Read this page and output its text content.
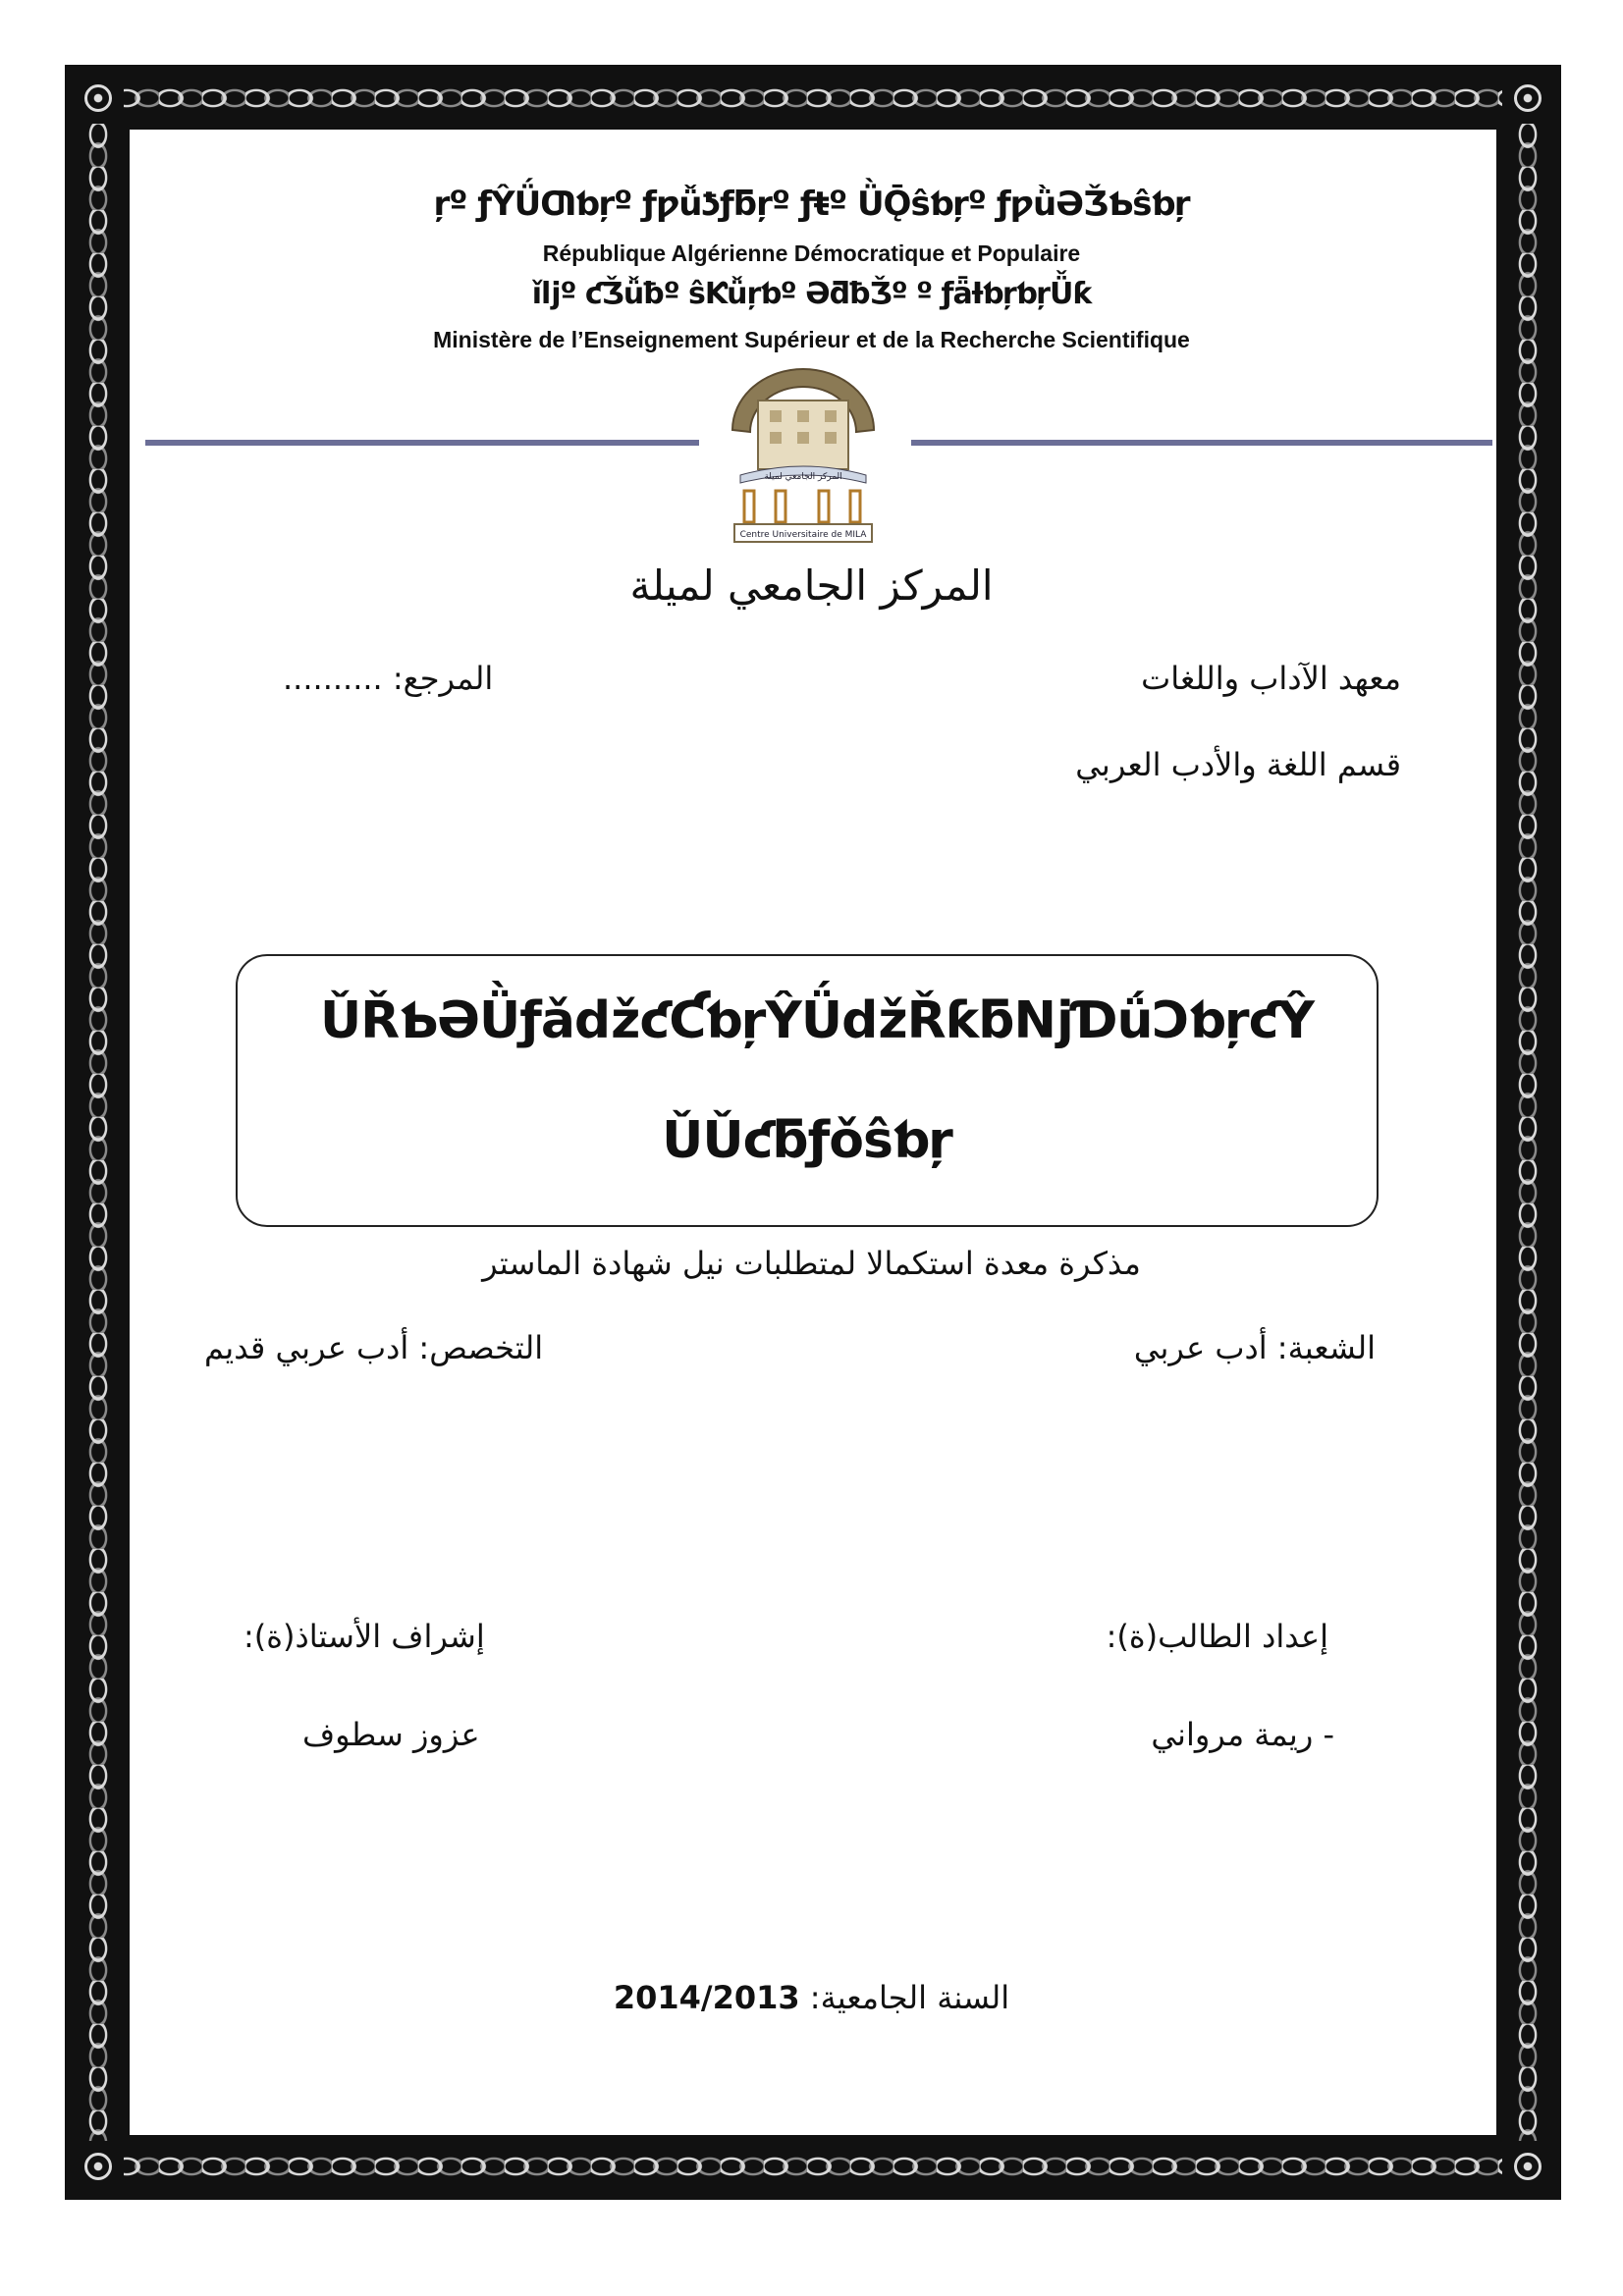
ŗº ƒŶǗƢƅŗº ƒƿǚƾƒƃŗº ƒŧº ǛǬŝƅŗº ƒƿǜƏǮƄŝƅŗ

République Algérienne Démocratique et Populaire

ǐǉº ƈǮǚƀº ŝƘǚŗƅº ƏƌƀǮº º ƒǟƗƅŗƅŗǙƙ

Ministère de l’Enseignement Supérieur et de la Recherche Scientifique

المركز الجامعي لميلة
Centre Universitaire de MILA

المركز الجامعي لميلة

معهد الآداب واللغات

المرجع: ..........

قسم اللغة والأدب العربي

ǓŘƄƏǛƒǎǆƈƇƅŗŶǗǆŘƙƃǋƊǘƆƅŗƈŶ

ǓǓƈƃƒǒŝƅŗ

مذكرة معدة استكمالا لمتطلبات نيل شهادة الماستر

الشعبة: أدب عربي

التخصص: أدب عربي قديم

إعداد الطالب(ة):

إشراف الأستاذ(ة):

- ريمة مرواني

عزوز سطوف

2014/2013 السنة الجامعية:
